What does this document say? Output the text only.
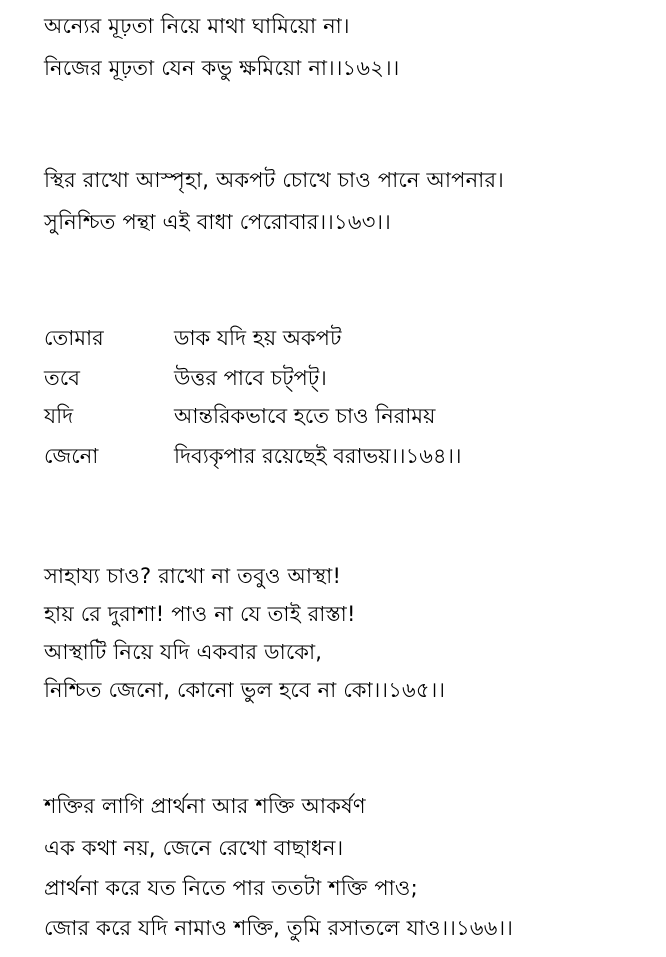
অন্যের মূঢ়তা নিয়ে মাথা ঘামিয়ো না।
নিজের মূঢ়তা যেন কভু ক্ষমিয়ো না।।১৬২।।
স্থির রাখো আস্পৃহা, অকপট চোখে চাও পানে আপনার।
সুনিশ্চিত পন্থা এই বাধা পেরোবার।।১৬৩।।
তোমার	ডাক যদি হয় অকপট
তবে	উত্তর পাবে চট্‌পট্‌।
যদি	আন্তরিকভাবে হতে চাও নিরাময়
জেনো	দিব্যকৃপার রয়েছেই বরাভয়।।১৬৪।।
সাহায্য চাও? রাখো না তবুও আস্থা!
হায় রে দুরাশা! পাও না যে তাই রাস্তা!
আস্থাটি নিয়ে যদি একবার ডাকো,
নিশ্চিত জেনো, কোনো ভুল হবে না কো।।১৬৫।।
শক্তির লাগি প্রার্থনা আর শক্তি আকর্ষণ
এক কথা নয়, জেনে রেখো বাছাধন।
প্রার্থনা করে যত নিতে পার ততটা শক্তি পাও;
জোর করে যদি নামাও শক্তি, তুমি রসাতলে যাও।।১৬৬।।
